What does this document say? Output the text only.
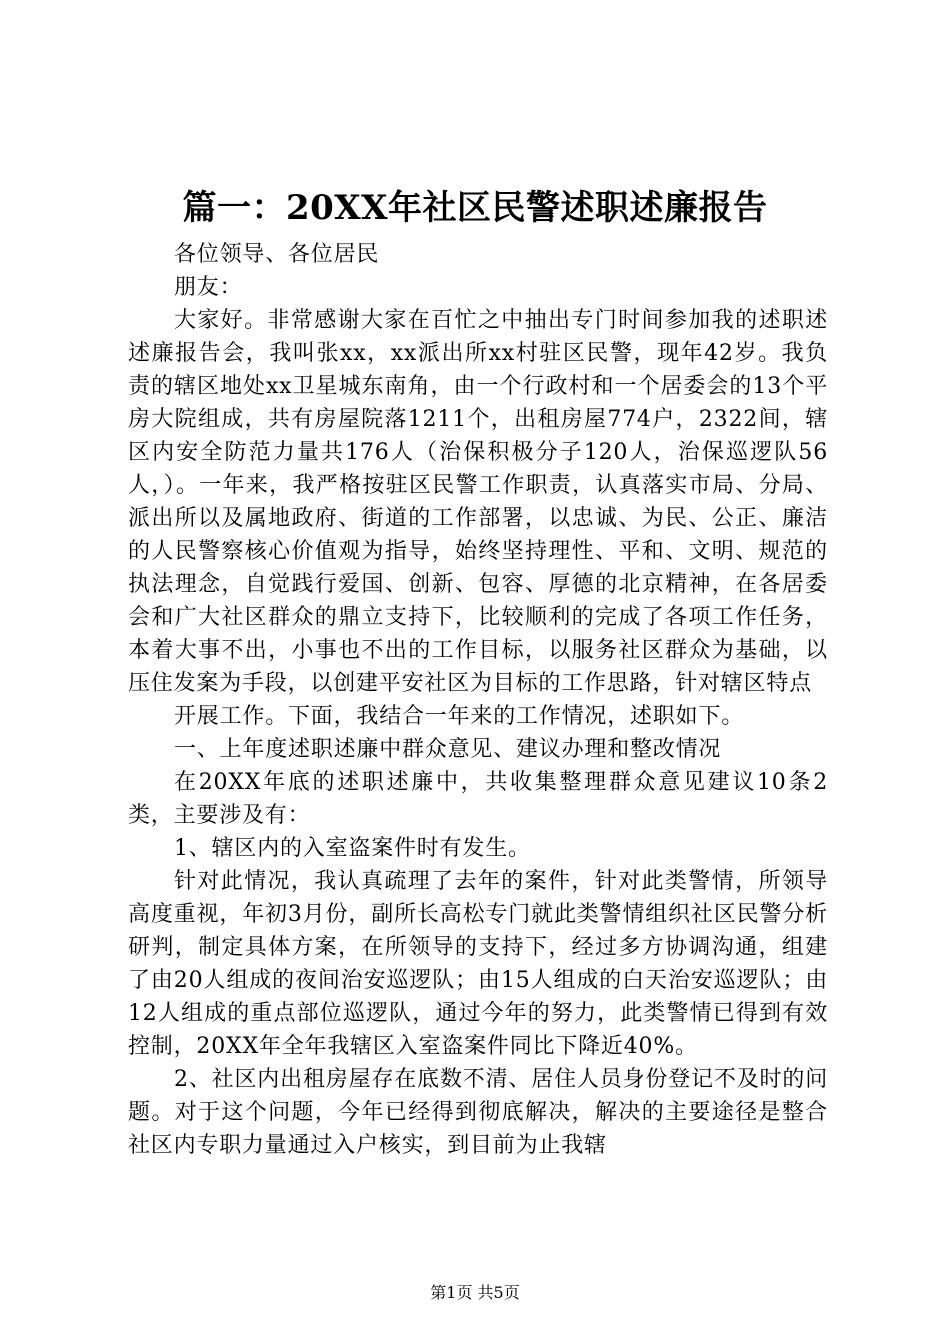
篇一：20XX年社区民警述职述廉报告

各位领导、各位居民

朋友：

大家好。非常感谢大家在百忙之中抽出专门时间参加我的述职述述廉报告会，我叫张xx，xx派出所xx村驻区民警，现年42岁。我负责的辖区地处xx卫星城东南角，由一个行政村和一个居委会的13个平房大院组成，共有房屋院落1211个，出租房屋774户，2322间，辖区内安全防范力量共176人（治保积极分子120人，治保巡逻队56人，）。一年来，我严格按驻区民警工作职责，认真落实市局、分局、派出所以及属地政府、街道的工作部署，以忠诚、为民、公正、廉洁的人民警察核心价值观为指导，始终坚持理性、平和、文明、规范的执法理念，自觉践行爱国、创新、包容、厚德的北京精神，在各居委会和广大社区群众的鼎立支持下，比较顺利的完成了各项工作任务，本着大事不出，小事也不出的工作目标，以服务社区群众为基础，以压住发案为手段，以创建平安社区为目标的工作思路，针对辖区特点

开展工作。下面，我结合一年来的工作情况，述职如下。

一、上年度述职述廉中群众意见、建议办理和整改情况

在20XX年底的述职述廉中，共收集整理群众意见建议10条2类，主要涉及有：

1、辖区内的入室盗案件时有发生。

针对此情况，我认真疏理了去年的案件，针对此类警情，所领导高度重视，年初3月份，副所长高松专门就此类警情组织社区民警分析研判，制定具体方案，在所领导的支持下，经过多方协调沟通，组建了由20人组成的夜间治安巡逻队；由15人组成的白天治安巡逻队；由12人组成的重点部位巡逻队，通过今年的努力，此类警情已得到有效控制，20XX年全年我辖区入室盗案件同比下降近40%。

2、社区内出租房屋存在底数不清、居住人员身份登记不及时的问题。对于这个问题，今年已经得到彻底解决，解决的主要途径是整合社区内专职力量通过入户核实，到目前为止我辖

第1页 共5页
